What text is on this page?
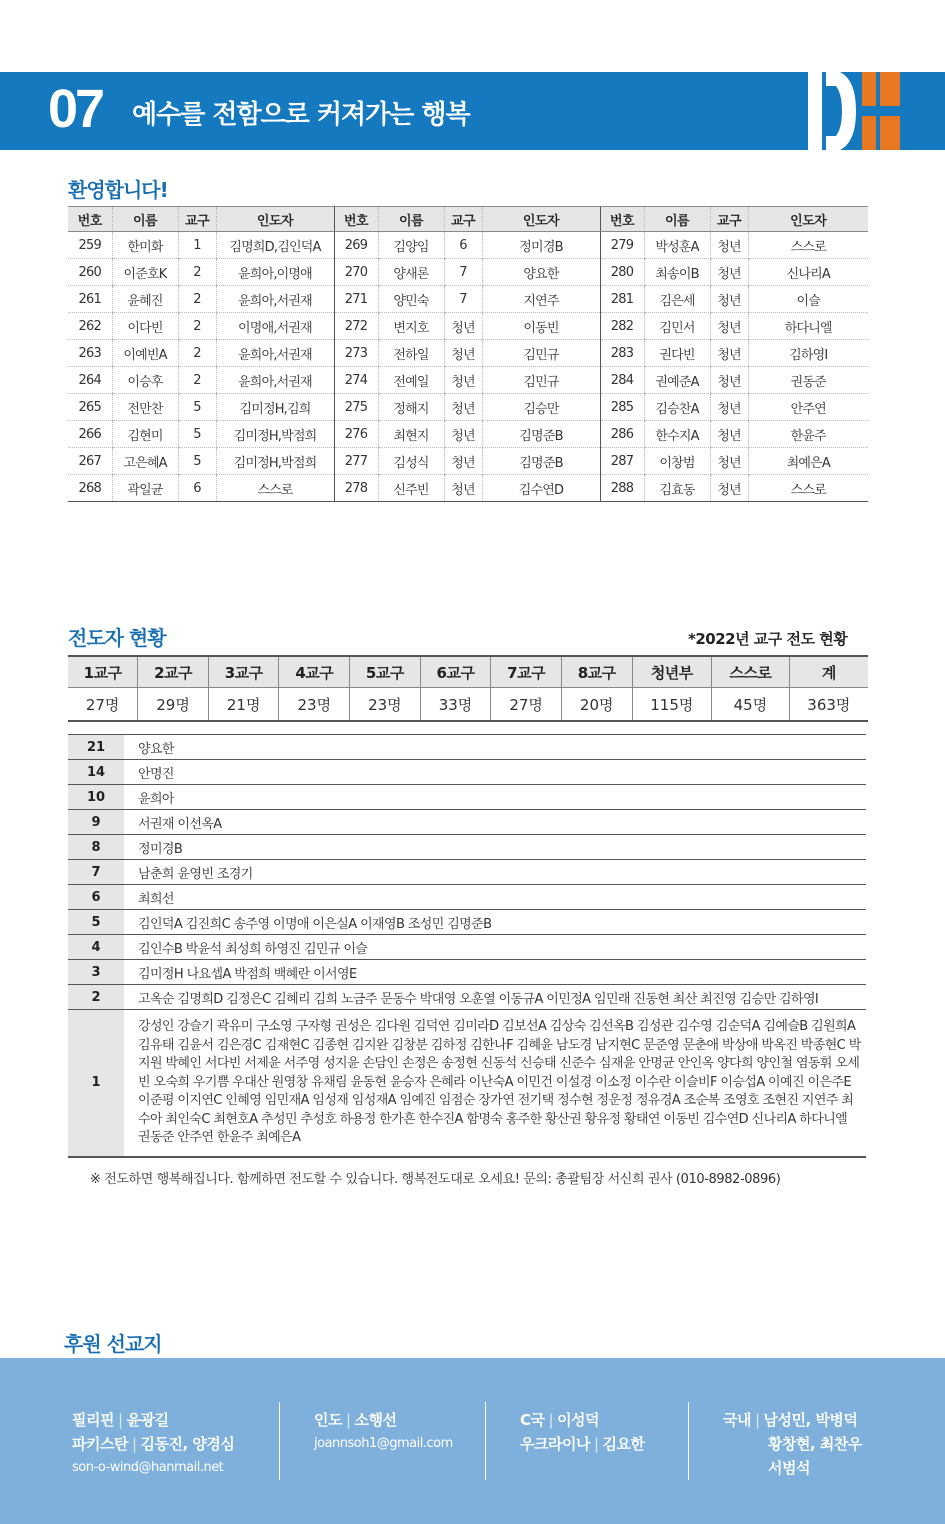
07 예수를 전함으로 커져가는 행복
환영합니다!
번호	이름	교구	인도자	번호	이름	교구	인도자	번호	이름	교구	인도자
259	한미화	1	김명희D,김인덕A	269	김양임	6	정미경B	279	박성훈A	청년	스스로
260	이준호K	2	윤희아,이명애	270	양새론	7	양요한	280	최송이B	청년	신나리A
261	윤혜진	2	윤희아,서권재	271	양민숙	7	지연주	281	김은세	청년	이슬
262	이다빈	2	이명애,서권재	272	변지호	청년	이동빈	282	김민서	청년	하다니엘
263	이예빈A	2	윤희아,서권재	273	전하일	청년	김민규	283	권다빈	청년	김하영I
264	이승후	2	윤희아,서권재	274	전예일	청년	김민규	284	권예준A	청년	권동준
265	전만찬	5	김미정H,김희	275	정해지	청년	김승만	285	김승찬A	청년	안주연
266	김현미	5	김미정H,박점희	276	최현지	청년	김명준B	286	한수지A	청년	한윤주
267	고은혜A	5	김미정H,박점희	277	김성식	청년	김명준B	287	이창범	청년	최예은A
268	곽일균	6	스스로	278	신주빈	청년	김수연D	288	김효동	청년	스스로
전도자 현황	*2022년 교구 전도 현황
1교구	2교구	3교구	4교구	5교구	6교구	7교구	8교구	청년부	스스로	계
27명	29명	21명	23명	23명	33명	27명	20명	115명	45명	363명
21	양요한
14	안명진
10	윤희아
9	서권재 이선옥A
8	정미경B
7	남춘희 윤영빈 조경기
6	최희선
5	김인덕A 김진희C 송주영 이명애 이은실A 이재영B 조성민 김명준B
4	김인수B 박윤석 최성희 하영진 김민규 이슬
3	김미정H 나요셉A 박점희 백혜란 이서영E
2	고옥순 김명희D 김정은C 김혜리 김희 노금주 문동수 박대영 오훈열 이동규A 이민정A 임민래 진동현 최산 최진영 김승만 김하영I
1	강성인 강슬기 곽유미 구소영 구자형 권성은 김다원 김덕연 김미라D 김보선A 김상숙 김선옥B 김성관 김수영 김순덕A 김예슬B 김원희A 김유태 김윤서 김은경C 김재현C 김종현 김지완 김창분 김하정 김한나F 김혜윤 남도경 남지현C 문준영 문춘애 박상애 박옥진 박종현C 박지원 박혜인 서다빈 서제윤 서주영 성지윤 손담인 손정은 송정현 신동석 신승태 신준수 심재윤 안명균 안인옥 양다희 양인철 염동휘 오세빈 오숙희 우기쁨 우대산 원영창 유채림 윤동현 윤승자 은혜라 이난숙A 이민건 이설경 이소정 이수란 이슬비F 이승섭A 이예진 이은주E 이준평 이지연C 인혜영 임민재A 임성재 임성재A 임예진 임점순 장가연 전기택 정수현 정운정 정유경A 조순복 조영호 조현진 지연주 최수아 최인숙C 최현호A 추성민 추성호 하용정 한가흔 한수진A 함명숙 홍주한 황산권 황유정 황태연 이동빈 김수연D 신나리A 하다니엘 권동준 안주연 한윤주 최예은A
※ 전도하면 행복해집니다. 함께하면 전도할 수 있습니다. 행복전도대로 오세요! 문의: 총괄팀장 서신희 권사 (010-8982-0896)
후원 선교지
필리핀 | 윤광길
파키스탄 | 김동진, 양경심
son-o-wind@hanmail.net
인도 | 소행선
joannsoh1@gmail.com
C국 | 이성덕
우크라이나 | 김요한
국내 | 남성민, 박병덕
황창현, 최찬우
서범석
